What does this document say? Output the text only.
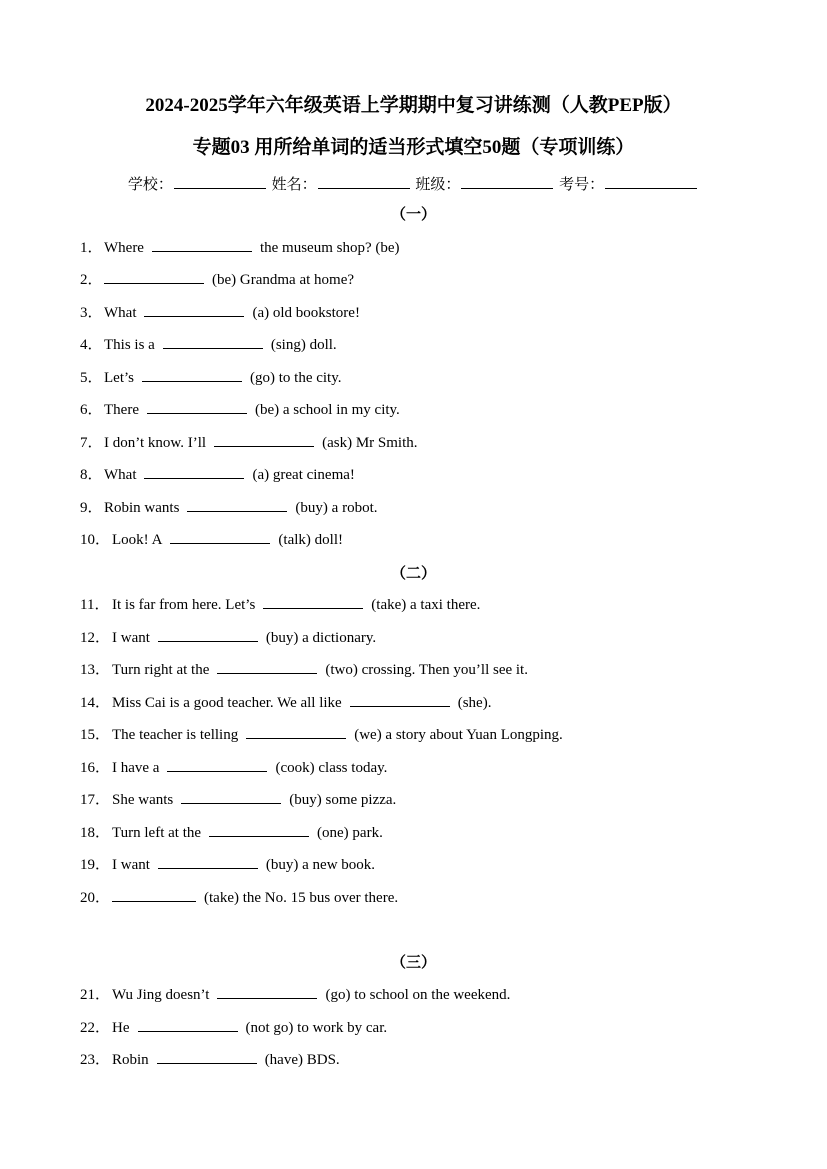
2024-2025学年六年级英语上学期期中复习讲练测（人教PEP版）
专题03 用所给单词的适当形式填空50题（专项训练）
学校：	姓名：	班级：	考号：
（一）
1．Where	the museum shop? (be)
2．	(be) Grandma at home?
3．What	(a) old bookstore!
4．This is a	(sing) doll.
5．Let’s	(go) to the city.
6．There	(be) a school in my city.
7．I don’t know. I’ll	(ask) Mr Smith.
8．What	(a) great cinema!
9．Robin wants	(buy) a robot.
10． Look! A	(talk) doll!
（二）
11． It is far from here. Let’s	(take) a taxi there.
12． I want	(buy) a dictionary.
13． Turn right at the	(two) crossing. Then you’ll see it.
14． Miss Cai is a good teacher. We all like	(she).
15． The teacher is telling	(we) a story about Yuan Longping.
16． I have a	(cook) class today.
17． She wants	(buy) some pizza.
18． Turn left at the	(one) park.
19． I want	(buy) a new book.
20．	(take) the No. 15 bus over there.
（三）
21． Wu Jing doesn’t	(go) to school on the weekend.
22． He	(not go) to work by car.
23． Robin	(have) BDS.
